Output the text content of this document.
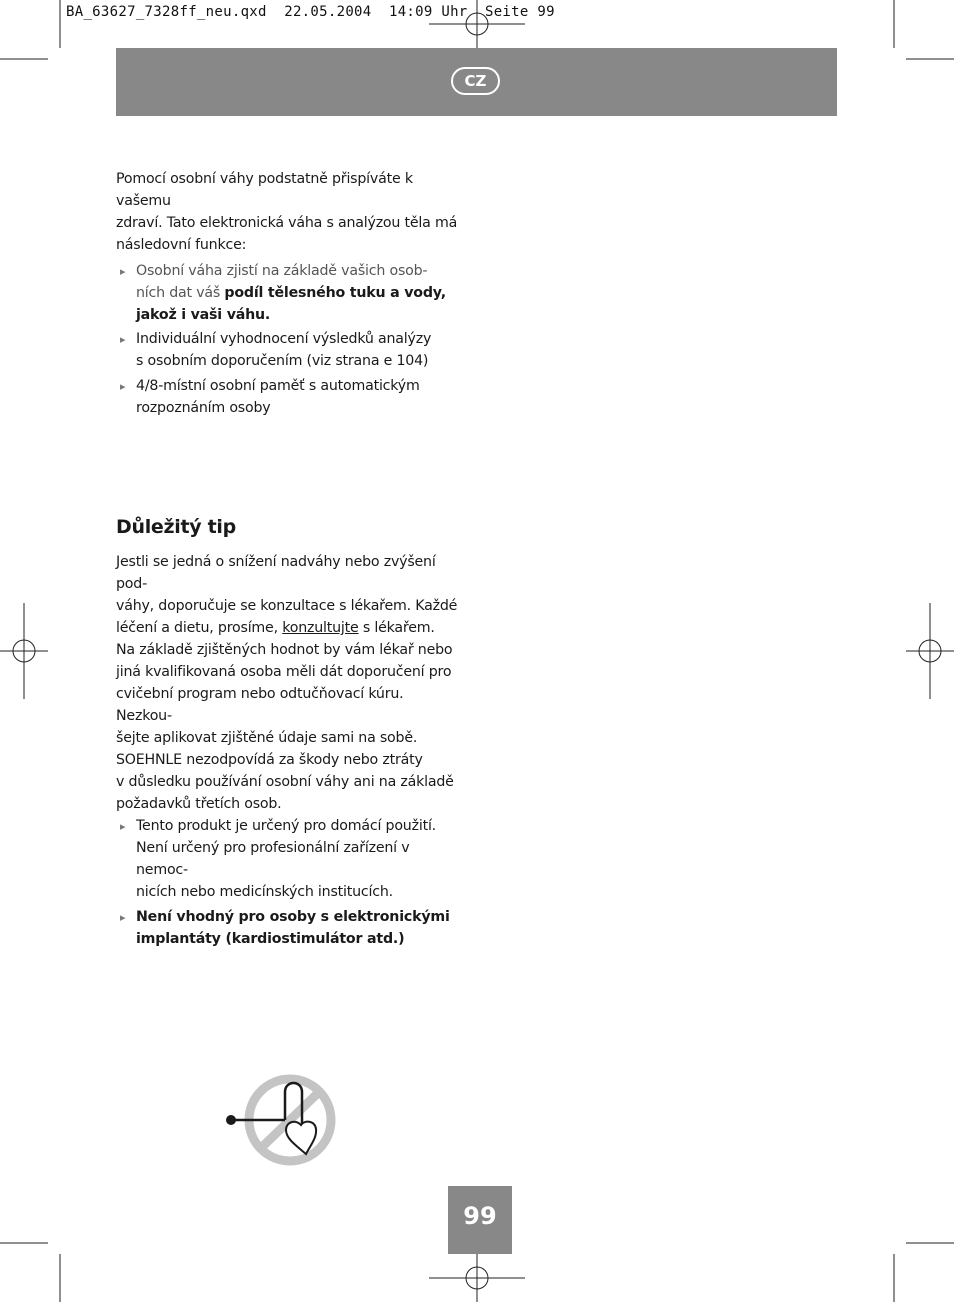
BA_63627_7328ff_neu.qxd  22.05.2004  14:09 Uhr  Seite 99
CZ
Pomocí osobní váhy podstatně přispíváte k vašemu
zdraví. Tato elektronická váha s analýzou těla má
následovní funkce:
▸ Osobní váha zjistí na základě vašich osob-
ních dat váš podíl tělesného tuku a vody,
jakož i vaši váhu.
▸ Individuální vyhodnocení výsledků analýzy
s osobním doporučením (viz strana e 104)
▸ 4/8-místní osobní paměť s automatickým
rozpoznáním osoby
Důležitý tip
Jestli se jedná o snížení nadváhy nebo zvýšení pod-
váhy, doporučuje se konzultace s lékařem. Každé
léčení a dietu, prosíme, konzultujte s lékařem.
Na základě zjištěných hodnot by vám lékař nebo
jiná kvalifikovaná osoba měli dát doporučení pro
cvičební program nebo odtučňovací kúru. Nezkou-
šejte aplikovat zjištěné údaje sami na sobě.
SOEHNLE nezodpovídá za škody nebo ztráty
v důsledku používání osobní váhy ani na základě
požadavků třetích osob.
▸ Tento produkt je určený pro domácí použití.
Není určený pro profesionální zařízení v nemoc-
nicích nebo medicínských institucích.
▸ Není vhodný pro osoby s elektronickými
implantáty (kardiostimulátor atd.)
99
